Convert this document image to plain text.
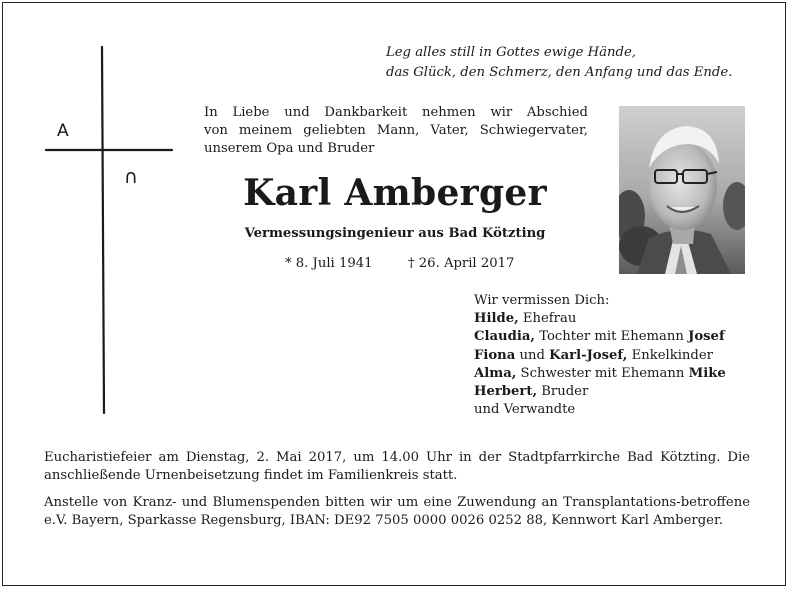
A
∩
Leg alles still in Gottes ewige Hände,
das Glück, den Schmerz, den Anfang und das Ende.
In Liebe und Dankbarkeit nehmen wir Abschied
von meinem geliebten Mann, Vater, Schwiegervater,
unserem Opa und Bruder
Karl Amberger
Vermessungsingenieur aus Bad Kötzting
* 8. Juli 1941	† 26. April 2017
Wir vermissen Dich:
Hilde, Ehefrau
Claudia, Tochter mit Ehemann Josef
Fiona und Karl-Josef, Enkelkinder
Alma, Schwester mit Ehemann Mike
Herbert, Bruder
und Verwandte

Eucharistiefeier am Dienstag, 2. Mai 2017, um 14.00 Uhr in der Stadtpfarrkirche Bad Kötzting. Die anschließende Urnenbeisetzung findet im Familienkreis statt.

Anstelle von Kranz- und Blumenspenden bitten wir um eine Zuwendung an Transplantations-betroffene e.V. Bayern, Sparkasse Regensburg, IBAN: DE92 7505 0000 0026 0252 88, Kennwort Karl Amberger.
